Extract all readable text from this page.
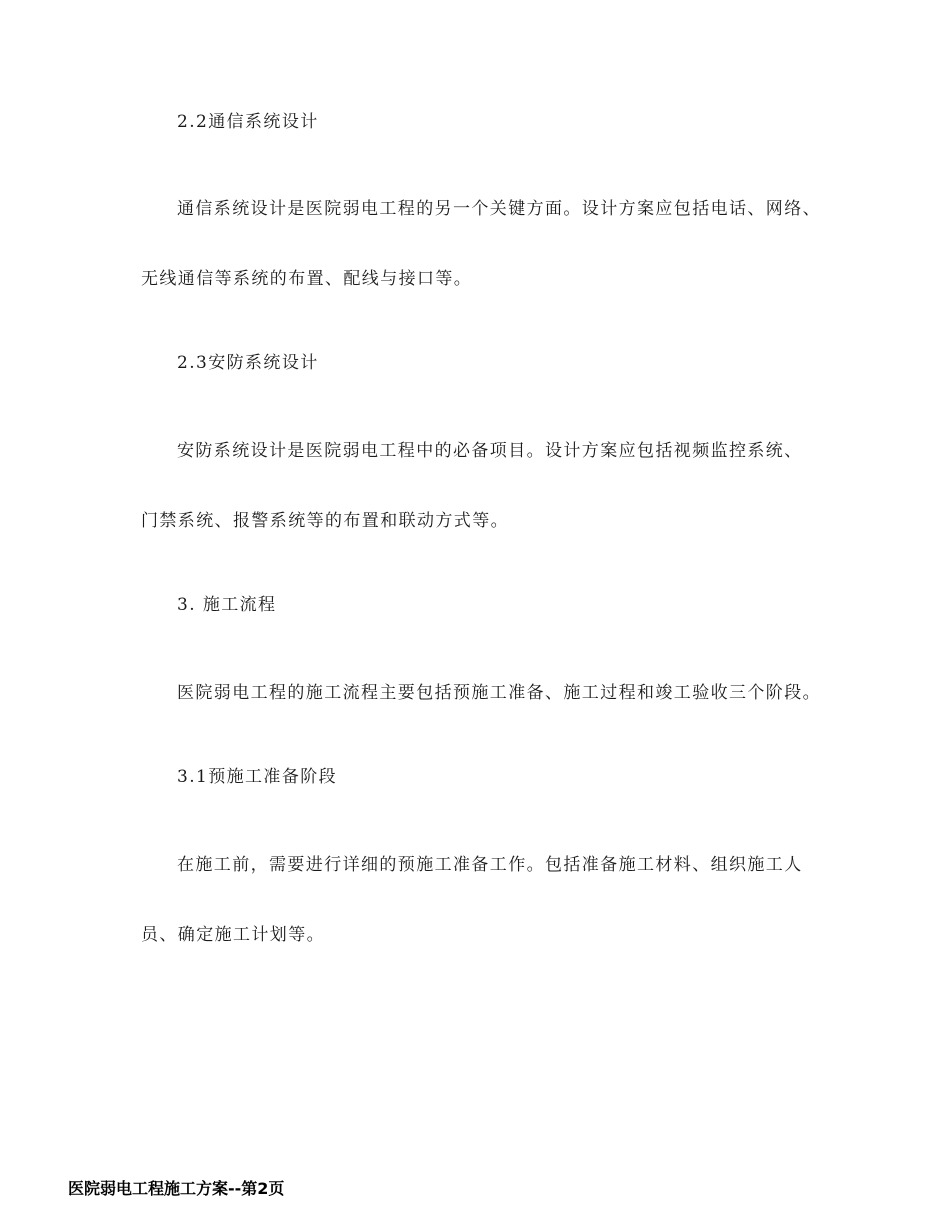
2.2通信系统设计
通信系统设计是医院弱电工程的另一个关键方面。设计方案应包括电话、网络、
无线通信等系统的布置、配线与接口等。
2.3安防系统设计
安防系统设计是医院弱电工程中的必备项目。设计方案应包括视频监控系统、
门禁系统、报警系统等的布置和联动方式等。
3. 施工流程
医院弱电工程的施工流程主要包括预施工准备、施工过程和竣工验收三个阶段。
3.1预施工准备阶段
在施工前，需要进行详细的预施工准备工作。包括准备施工材料、组织施工人
员、确定施工计划等。
医院弱电工程施工方案--第2页
